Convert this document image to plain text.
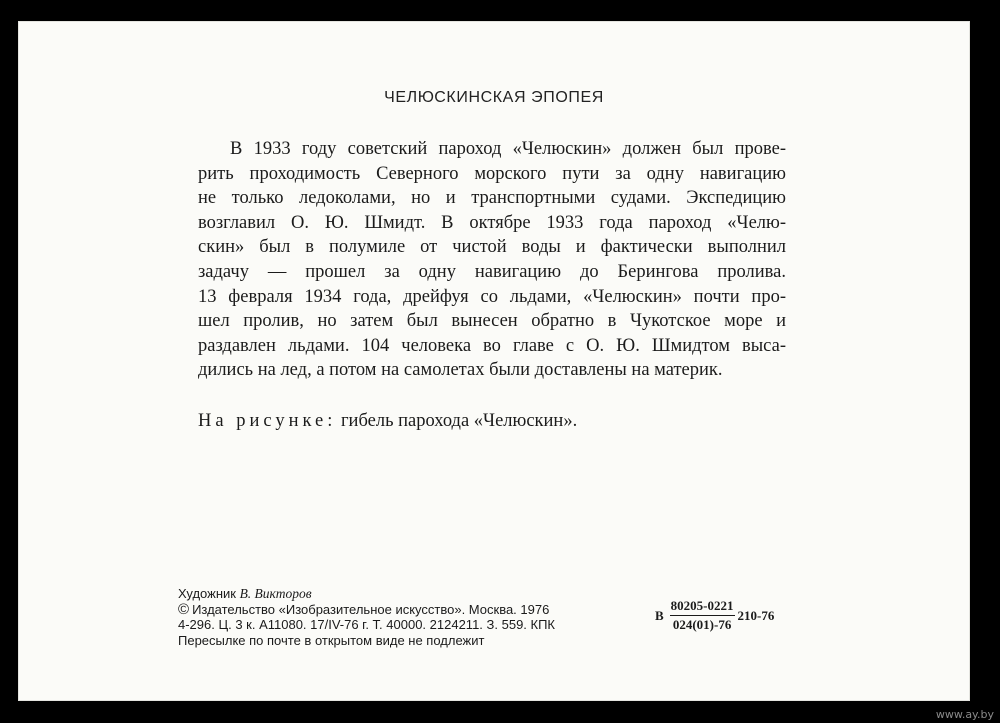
ЧЕЛЮСКИНСКАЯ ЭПОПЕЯ
В 1933 году советский пароход «Челюскин» должен был прове-
рить проходимость Северного морского пути за одну навигацию
не только ледоколами, но и транспортными судами. Экспедицию
возглавил О. Ю. Шмидт. В октябре 1933 года пароход «Челю-
скин» был в полумиле от чистой воды и фактически выполнил
задачу — прошел за одну навигацию до Берингова пролива.
13 февраля 1934 года, дрейфуя со льдами, «Челюскин» почти про-
шел пролив, но затем был вынесен обратно в Чукотское море и
раздавлен льдами. 104 человека во главе с О. Ю. Шмидтом выса-
дились на лед, а потом на самолетах были доставлены на материк.
На рисунке: гибель парохода «Челюскин».
Художник В. Викторов
© Издательство «Изобразительное искусство». Москва. 1976
4-296. Ц. 3 к. А11080. 17/IV-76 г. Т. 40000. 2124211. З. 559. КПК
Пересылке по почте в открытом виде не подлежит
В $\frac{80205-0221}{024(01)-76} 210-76$
www.ay.by
